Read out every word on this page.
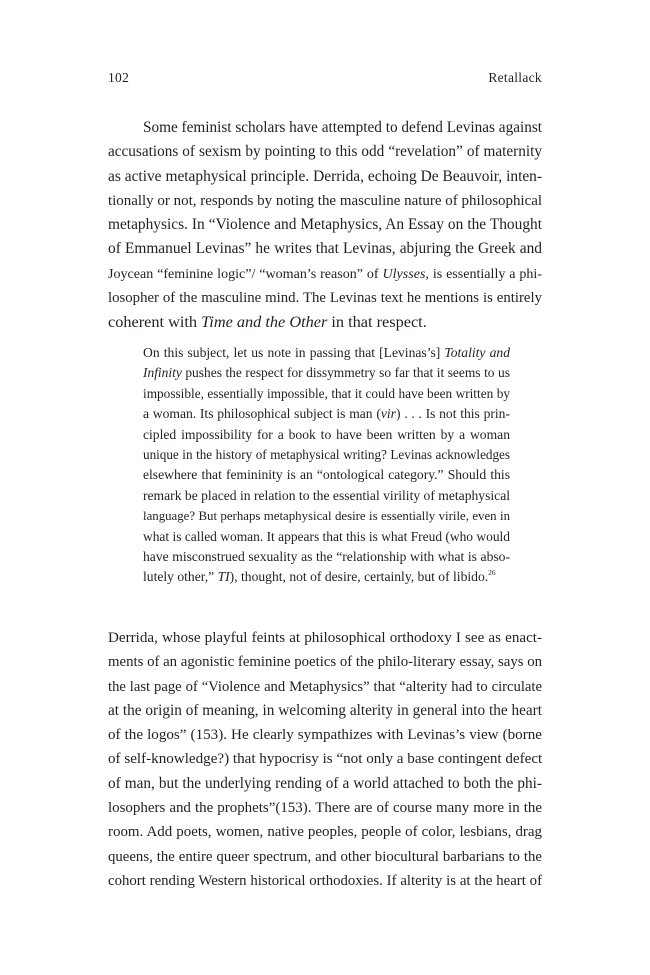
102	Retallack
Some feminist scholars have attempted to defend Levinas against
accusations of sexism by pointing to this odd “revelation” of maternity
as active metaphysical principle. Derrida, echoing De Beauvoir, inten-
tionally or not, responds by noting the masculine nature of philosophical
metaphysics. In “Violence and Metaphysics, An Essay on the Thought
of Emmanuel Levinas” he writes that Levinas, abjuring the Greek and
Joycean “feminine logic”/ “woman’s reason” of Ulysses, is essentially a phi-
losopher of the masculine mind. The Levinas text he mentions is entirely
coherent with Time and the Other in that respect.
On this subject, let us note in passing that [Levinas’s] Totality and
Infinity pushes the respect for dissymmetry so far that it seems to us
impossible, essentially impossible, that it could have been written by
a woman. Its philosophical subject is man (vir) . . . Is not this prin-
cipled impossibility for a book to have been written by a woman
unique in the history of metaphysical writing? Levinas acknowledges
elsewhere that femininity is an “ontological category.” Should this
remark be placed in relation to the essential virility of metaphysical
language? But perhaps metaphysical desire is essentially virile, even in
what is called woman. It appears that this is what Freud (who would
have misconstrued sexuality as the “relationship with what is abso-
lutely other,” TI), thought, not of desire, certainly, but of libido.$^{26}$
Derrida, whose playful feints at philosophical orthodoxy I see as enact-
ments of an agonistic feminine poetics of the philo-literary essay, says on
the last page of “Violence and Metaphysics” that “alterity had to circulate
at the origin of meaning, in welcoming alterity in general into the heart
of the logos” (153). He clearly sympathizes with Levinas’s view (borne
of self-knowledge?) that hypocrisy is “not only a base contingent defect
of man, but the underlying rending of a world attached to both the phi-
losophers and the prophets”(153). There are of course many more in the
room. Add poets, women, native peoples, people of color, lesbians, drag
queens, the entire queer spectrum, and other biocultural barbarians to the
cohort rending Western historical orthodoxies. If alterity is at the heart of
